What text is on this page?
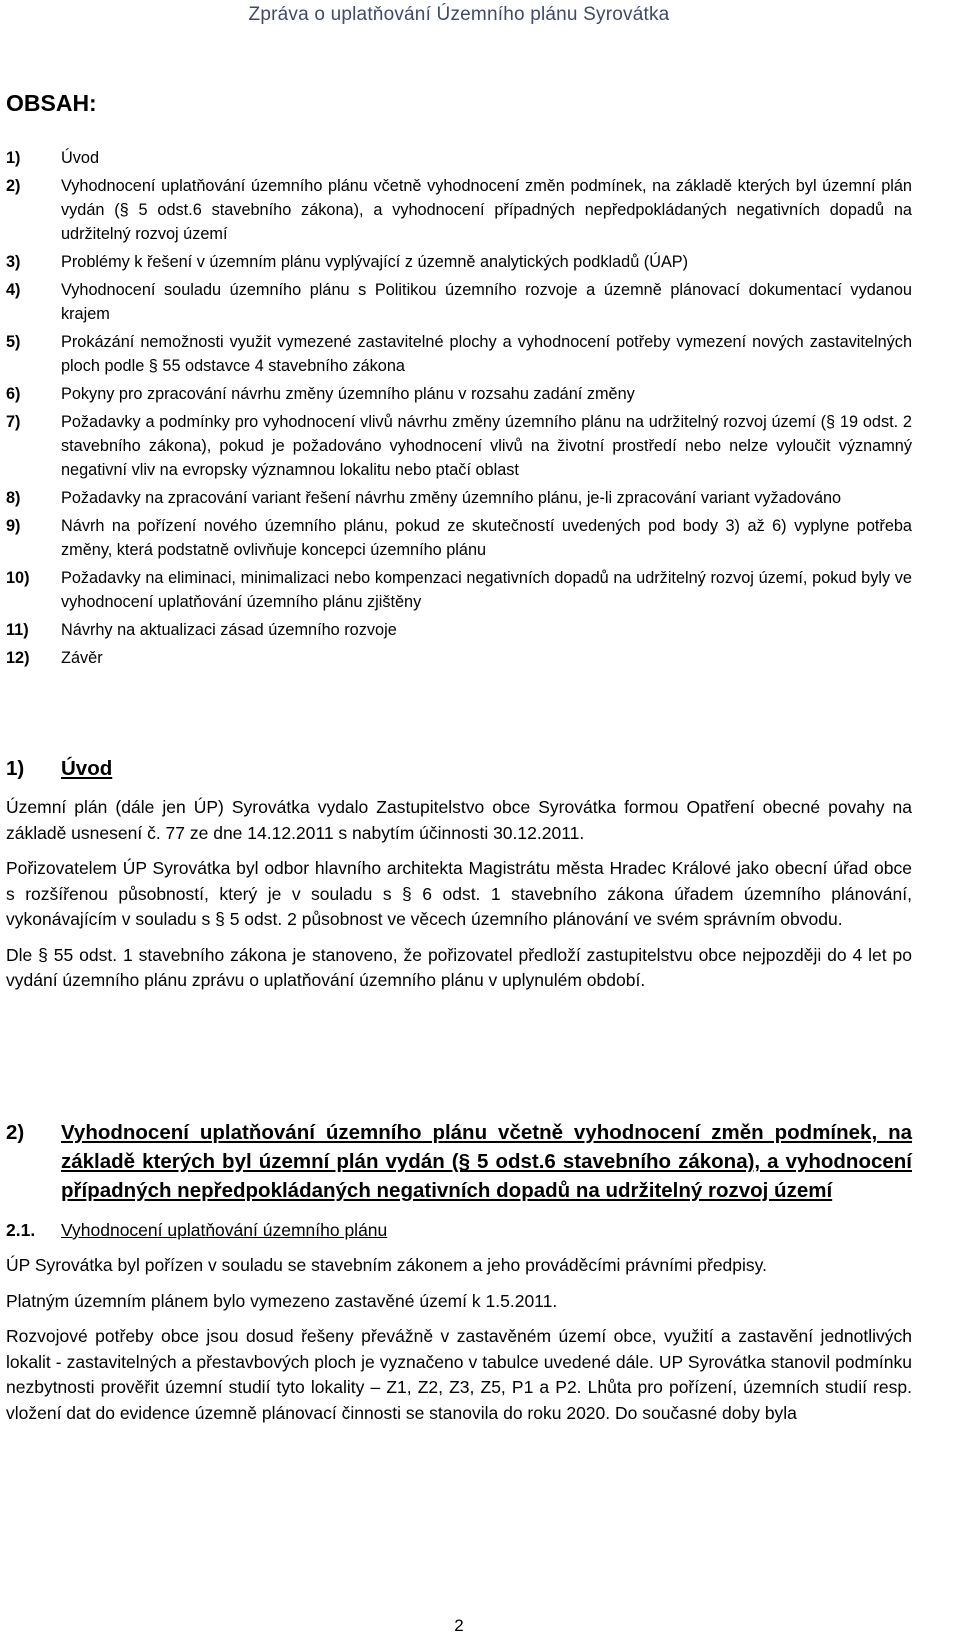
Zpráva o uplatňování Územního plánu Syrovátka
OBSAH:
1)	Úvod
2)	Vyhodnocení uplatňování územního plánu včetně vyhodnocení změn podmínek, na základě kterých byl územní plán vydán (§ 5 odst.6 stavebního zákona), a vyhodnocení případných nepředpokládaných negativních dopadů na udržitelný rozvoj území
3)	Problémy k řešení v územním plánu vyplývající z územně analytických podkladů (ÚAP)
4)	Vyhodnocení souladu územního plánu s Politikou územního rozvoje a územně plánovací dokumentací vydanou krajem
5)	Prokázání nemožnosti využit vymezené zastavitelné plochy a vyhodnocení potřeby vymezení nových zastavitelných ploch podle § 55 odstavce 4 stavebního zákona
6)	Pokyny pro zpracování návrhu změny územního plánu v rozsahu zadání změny
7)	Požadavky a podmínky pro vyhodnocení vlivů návrhu změny územního plánu na udržitelný rozvoj území (§ 19 odst. 2 stavebního zákona), pokud je požadováno vyhodnocení vlivů na životní prostředí nebo nelze vyloučit významný negativní vliv na evropsky významnou lokalitu nebo ptačí oblast
8)	Požadavky na zpracování variant řešení návrhu změny územního plánu, je-li zpracování variant vyžadováno
9)	Návrh na pořízení nového územního plánu, pokud ze skutečností uvedených pod body 3) až 6) vyplyne potřeba změny, která podstatně ovlivňuje koncepci územního plánu
10)	Požadavky na eliminaci, minimalizaci nebo kompenzaci negativních dopadů na udržitelný rozvoj území, pokud byly ve vyhodnocení uplatňování územního plánu zjištěny
11)	Návrhy na aktualizaci zásad územního rozvoje
12)	Závěr
1)	Úvod

Územní plán (dále jen ÚP) Syrovátka vydalo Zastupitelstvo obce Syrovátka formou Opatření obecné povahy na základě usnesení č. 77 ze dne 14.12.2011 s nabytím účinnosti 30.12.2011.

Pořizovatelem ÚP Syrovátka byl odbor hlavního architekta Magistrátu města Hradec Králové jako obecní úřad obce s rozšířenou působností, který je v souladu s § 6 odst. 1 stavebního zákona úřadem územního plánování, vykonávajícím v souladu s § 5 odst. 2 působnost ve věcech územního plánování ve svém správním obvodu.

Dle § 55 odst. 1 stavebního zákona je stanoveno, že pořizovatel předloží zastupitelstvu obce nejpozději do 4 let po vydání územního plánu zprávu o uplatňování územního plánu v uplynulém období.

2)	Vyhodnocení uplatňování územního plánu včetně vyhodnocení změn podmínek, na základě kterých byl územní plán vydán (§ 5 odst.6 stavebního zákona), a vyhodnocení případných nepředpokládaných negativních dopadů na udržitelný rozvoj území
2.1.	Vyhodnocení uplatňování územního plánu

ÚP Syrovátka byl pořízen v souladu se stavebním zákonem a jeho prováděcími právními předpisy.

Platným územním plánem bylo vymezeno zastavěné území k 1.5.2011.

Rozvojové potřeby obce jsou dosud řešeny převážně v zastavěném území obce, využití a zastavění jednotlivých lokalit - zastavitelných a přestavbových ploch je vyznačeno v tabulce uvedené dále. UP Syrovátka stanovil podmínku nezbytnosti prověřit územní studií tyto lokality – Z1, Z2, Z3, Z5, P1 a P2. Lhůta pro pořízení, územních studií resp. vložení dat do evidence územně plánovací činnosti se stanovila do roku 2020. Do současné doby byla

2
